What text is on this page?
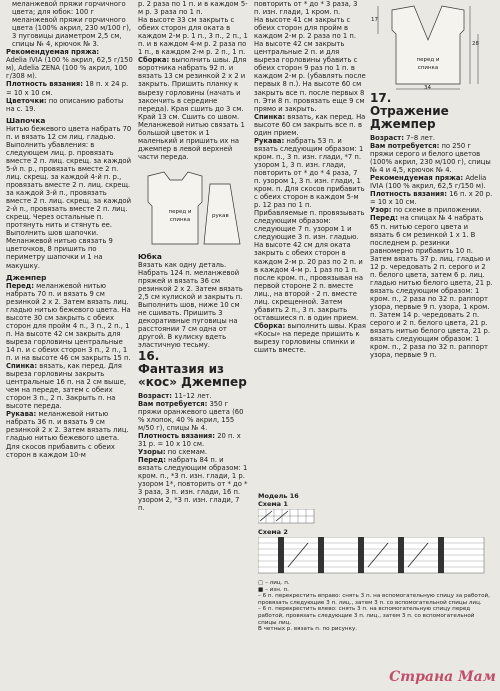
меланжевой пряжи горчичного цвета; для юбок: 100 г меланжевой пряжи горчичного цвета (100% акрил, 230 м/100 г), 3 пуговицы диаметром 2,5 см, спицы № 4, крючок № 3.

Рекомендуемая пряжа:

Adelia IVIA (100 % акрил, 62,5 г/150 м), Adelia ZENA (100 % акрил, 100 г/308 м).

Плотность вязания: 18 п. х 24 р. = 10 х 10 см.

Цветочки: по описанию работы на с. 19.

Шапочка

Нитью бежевого цвета набрать 70 п. и вязать 12 см лиц. гладью. Выполнить убавления: в следующем лиц. р. провязать вместе 2 п. лиц. скрещ. за каждой 5-й п. р., провязать вместе 2 п. лиц. скрещ. за каждой 4-й п. р., провязать вместе 2 п. лиц. скрещ. за каждой 3-й п., провязать вместе 2 п. лиц. скрещ. за каждой 2-й п., провязать вместе 2 п. лиц. скрещ. Через остальные п. протянуть нить и стянуть ее. Выполнить шов шапочки. Меланжевой нитью связать 9 цветочков, 8 пришить по периметру шапочки и 1 на макушку.

Джемпер

Перед: меланжевой нитью набрать 70 п. и вязать 9 см резинкой 2 х 2. Затем вязать лиц. гладью нитью бежевого цвета. На высоте 30 см закрыть с обеих сторон для пройм 4 п., 3 п., 2 п., 1 п. На высоте 42 см закрыть для выреза горловины центральные 14 п. и с обеих сторон 3 п., 2 п., 1 п. и на высоте 46 см закрыть 15 п.

Спинка: вязать, как перед. Для выреза горловины закрыть центральные 16 п. на 2 см выше, чем на переде, затем с обеих сторон 3 п., 2 п. Закрыть п. на высоте переда.

Рукава: меланжевой нитью набрать 36 п. и вязать 9 см резинкой 2 х 2. Затем вязать лиц. гладью нитью бежевого цвета. Для скосов прибавить с обеих сторон в каждом 10-м

р. 2 раза по 1 п. и в каждом 5-м р. 3 раза по 1 п.

На высоте 33 см закрыть с обеих сторон для оката в каждом 2-м р. 1 п., 3 п., 2 п., 1 п. и в каждом 4-м р. 2 раза по 1 п., в каждом 2-м р. 2 п., 1 п.

Сборка: выполнить швы. Для воротника набрать 92 п. и вязать 13 см резинкой 2 х 2 и закрыть. Пришить планку к вырезу горловины (начать и закончить в середине переда). Края сшить до 3 см. Край 13 см. Сшить со швом. Меланжевой нитью связать 1 большой цветок и 1 маленький и пришить их на джемпер в левой верхней части переда.

перед и спинка
рукав

Юбка

Вязать как одну деталь. Набрать 124 п. меланжевой пряжей и вязать 36 см резинкой 2 х 2. Затем вязать 2,5 см кулиской и закрыть п. Выполнить шов, ниже 10 см не сшивать. Пришить 3 декоративные пуговицы на расстоянии 7 см одна от другой. В кулиску вдеть эластичную тесьму.

16.

Фантазия из «кос» Джемпер

Возраст: 11–12 лет.

Вам потребуется: 350 г пряжи оранжевого цвета (60 % хлопок, 40 % акрил, 155 м/50 г), спицы № 4.

Плотность вязания: 20 п. x 31 р. = 10 х 10 см.

Узоры: по схемам.

Перед: набрать 84 п. и вязать следующим образом: 1 кром. п., *3 п. изн. глади, 1 р. узором 1*, повторить от * до * 3 раза, 3 п. изн. глади, 16 п. узором 2, *3 п. изн. глади, 7 п.

повторить от * до * 3 раза, 3 п. изн. глади, 1 кром. п.

На высоте 41 см закрыть с обеих сторон для пройм в каждом 2-м р. 2 раза по 1 п.

На высоте 42 см закрыть центральные 2 п. и для выреза горловины убавить с обеих сторон 9 раз по 1 п. в каждом 2-м р. (убавлять после первых 8 п.). На высоте 60 см закрыть все п. после первых 8 п. Эти 8 п. провязать еще 9 см прямо и закрыть.

Спинка: вязать, как перед. На высоте 60 см закрыть все п. в один прием.

Рукава: набрать 53 п. и вязать следующим образом: 1 кром. п., 3 п. изн. глади, *7 п. узором 1, 3 п. изн. глади, повторить от * до * 4 раза, 7 п. узором 1, 3 п. изн. глади, 1 кром. п. Для скосов прибавить с обеих сторон в каждом 5-м р. 12 раз по 1 п. Прибавляемые п. провязывать следующим образом: следующие 7 п. узором 1 и следующие 3 п. изн. гладью. На высоте 42 см для оката закрыть с обеих сторон в каждом 2-м р. 20 раз по 2 п. и в каждом 4-м р. 1 раз по 1 п. после кром. п., провязывая на первой стороне 2 п. вместе лиц., на второй - 2 п. вместе лиц. скрещенной. Затем убавить 2 п., 3 п. закрыть оставшиеся п. в один прием.

Сборка: выполнить швы. Края «Косы» на переде пришить к вырезу горловины спинки и сшить вместе.

перед и спинка
34
28
17

17.

Отражение Джемпер

Возраст: 7–8 лет.

Вам потребуется: по 250 г пряжи серого и белого цветов (100% акрил, 230 м/100 г), спицы № 4 и 4,5, крючок № 4.

Рекомендуемая пряжа: Adelia IVIA (100 % акрил, 62,5 г/150 м).

Плотность вязания: 16 п. x 20 р. = 10 х 10 см.

Узор: по схеме в приложении.

Перед: на спицах № 4 набрать 65 п. нитью серого цвета и вязать 6 см резинкой 1 х 1. В последнем р. резинки равномерно прибавить 10 п. Затем вязать 37 р. лиц. гладью и 12 р. чередовать 2 п. серого и 2 п. белого цвета, затем 6 р. лиц. гладью нитью белого цвета, 21 р. вязать следующим образом: 1 кром. п., 2 раза по 32 п. раппорт узора, первые 9 п. узора, 1 кром. п. Затем 14 р. чередовать 2 п. серого и 2 п. белого цвета, 21 р. вязать нитью белого цвета, 21 р. вязать следующим образом: 1 кром. п., 2 раза по 32 п. раппорт узора, первые 9 п.

Модель 16
Схема 1
Схема 2
▢ – лиц. п.
■ – изн. п.
– 6 п. перекрестить вправо: снять 3 п. на вспомогательную спицу за работой, провязать следующие 3 п. лиц., затем 3 п. со вспомогательной спицы лиц.
– 6 п. перекрестить влево: снять 3 п. на вспомогательную спицу перед работой, провязать следующие 3 п. лиц., затем 3 п. со вспомогательной спицы лиц.
В четных р. вязать п. по рисунку.
Страна Мам
